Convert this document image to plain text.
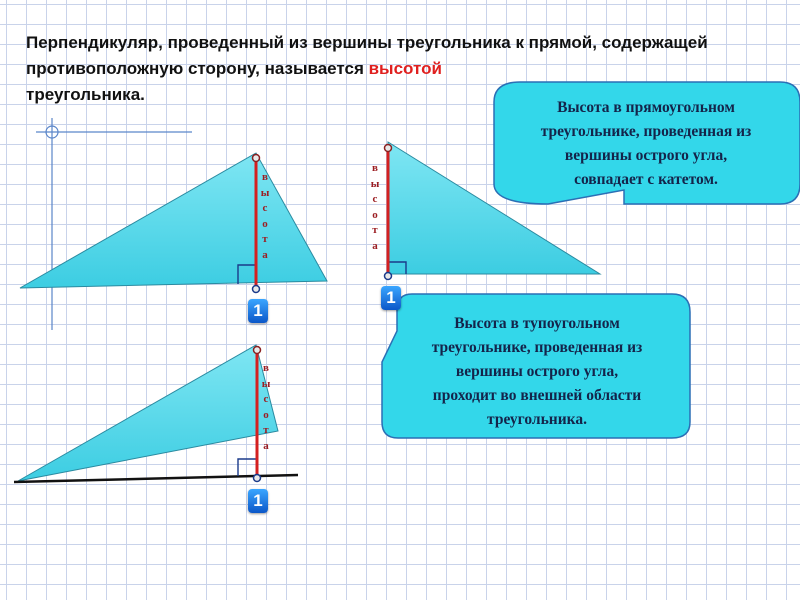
Перпендикуляр, проведенный из вершины треугольника к прямой, содержащей противоположную сторону, называется высотой
треугольника.
в
ы
с
о
т
а
в
ы
с
о
т
а
в
ы
с
о
т
а
1
1
1
Высота в прямоугольном
треугольнике, проведенная из
вершины острого угла,
совпадает с катетом.
Высота в тупоугольном
треугольнике, проведенная из
вершины острого угла,
проходит во внешней области
треугольника.
